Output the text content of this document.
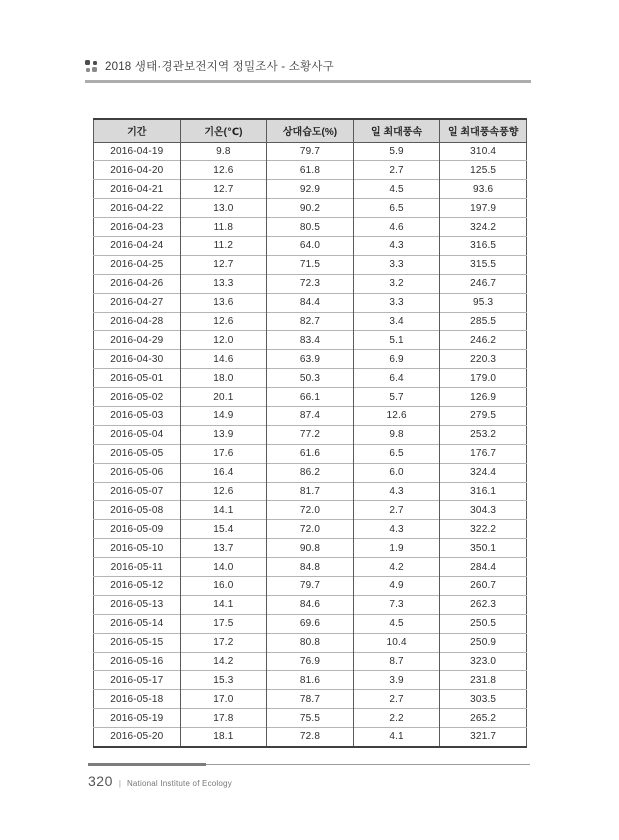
2018 생태·경관보전지역 정밀조사 - 소황사구
기간	기온(℃)	상대습도(%)	일 최대풍속	일 최대풍속풍향
2016-04-19	9.8	79.7	5.9	310.4
2016-04-20	12.6	61.8	2.7	125.5
2016-04-21	12.7	92.9	4.5	93.6
2016-04-22	13.0	90.2	6.5	197.9
2016-04-23	11.8	80.5	4.6	324.2
2016-04-24	11.2	64.0	4.3	316.5
2016-04-25	12.7	71.5	3.3	315.5
2016-04-26	13.3	72.3	3.2	246.7
2016-04-27	13.6	84.4	3.3	95.3
2016-04-28	12.6	82.7	3.4	285.5
2016-04-29	12.0	83.4	5.1	246.2
2016-04-30	14.6	63.9	6.9	220.3
2016-05-01	18.0	50.3	6.4	179.0
2016-05-02	20.1	66.1	5.7	126.9
2016-05-03	14.9	87.4	12.6	279.5
2016-05-04	13.9	77.2	9.8	253.2
2016-05-05	17.6	61.6	6.5	176.7
2016-05-06	16.4	86.2	6.0	324.4
2016-05-07	12.6	81.7	4.3	316.1
2016-05-08	14.1	72.0	2.7	304.3
2016-05-09	15.4	72.0	4.3	322.2
2016-05-10	13.7	90.8	1.9	350.1
2016-05-11	14.0	84.8	4.2	284.4
2016-05-12	16.0	79.7	4.9	260.7
2016-05-13	14.1	84.6	7.3	262.3
2016-05-14	17.5	69.6	4.5	250.5
2016-05-15	17.2	80.8	10.4	250.9
2016-05-16	14.2	76.9	8.7	323.0
2016-05-17	15.3	81.6	3.9	231.8
2016-05-18	17.0	78.7	2.7	303.5
2016-05-19	17.8	75.5	2.2	265.2
2016-05-20	18.1	72.8	4.1	321.7
320 | National Institute of Ecology
